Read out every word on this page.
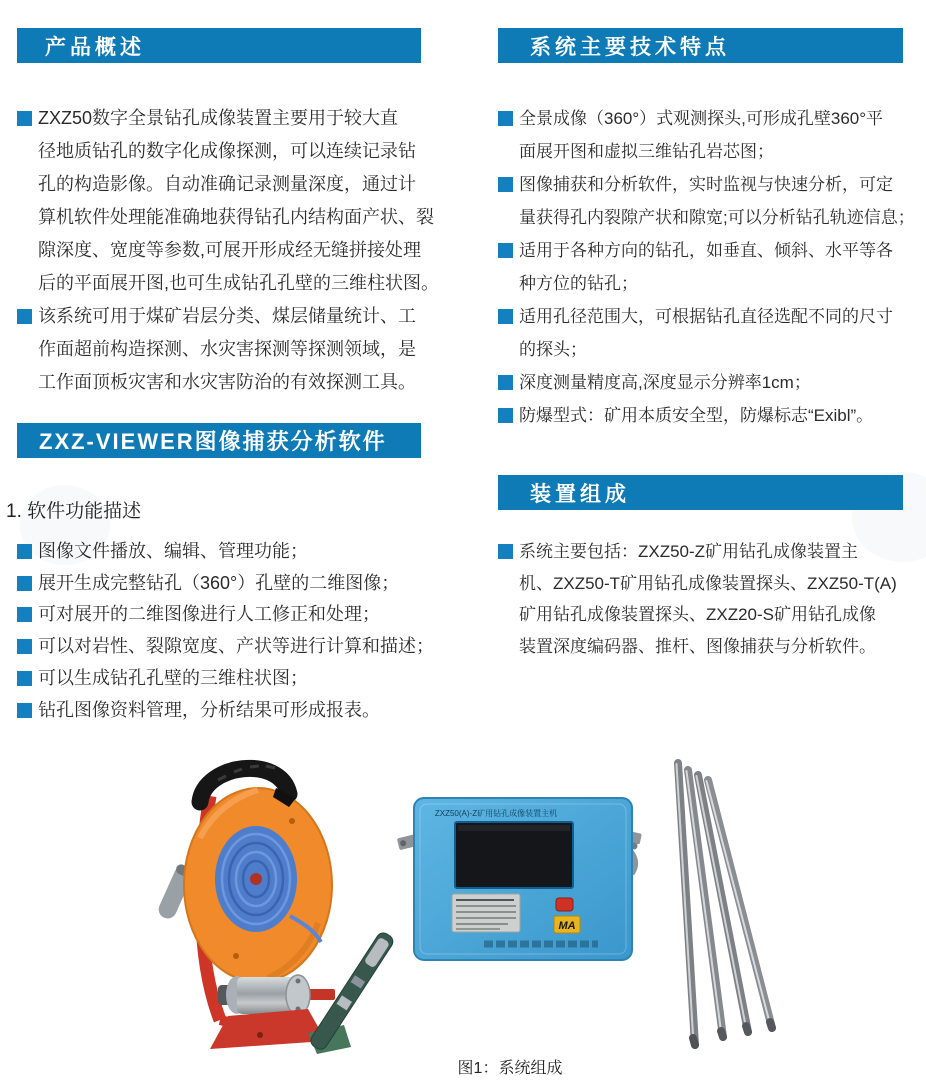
产品概述	系统主要技术特点
ZXZ-VIEWER图像捕获分析软件
装置组成
ZXZ50数字全景钻孔成像装置主要用于较大直
径地质钻孔的数字化成像探测，可以连续记录钻
孔的构造影像。自动准确记录测量深度，通过计
算机软件处理能准确地获得钻孔内结构面产状、裂
隙深度、宽度等参数,可展开形成经无缝拼接处理
后的平面展开图,也可生成钻孔孔壁的三维柱状图。
该系统可用于煤矿岩层分类、煤层储量统计、工
作面超前构造探测、水灾害探测等探测领域，是
工作面顶板灾害和水灾害防治的有效探测工具。
全景成像（360°）式观测探头,可形成孔壁360°平
面展开图和虚拟三维钻孔岩芯图；
图像捕获和分析软件，实时监视与快速分析，可定
量获得孔内裂隙产状和隙宽;可以分析钻孔轨迹信息；
适用于各种方向的钻孔，如垂直、倾斜、水平等各
种方位的钻孔；
适用孔径范围大，可根据钻孔直径选配不同的尺寸
的探头；
深度测量精度高,深度显示分辨率1cm；
防爆型式：矿用本质安全型，防爆标志“Exibl”。
1. 软件功能描述
图像文件播放、编辑、管理功能；
展开生成完整钻孔（360°）孔壁的二维图像；
可对展开的二维图像进行人工修正和处理；
可以对岩性、裂隙宽度、产状等进行计算和描述；
可以生成钻孔孔壁的三维柱状图；
钻孔图像资料管理，分析结果可形成报表。
系统主要包括：ZXZ50-Z矿用钻孔成像装置主
机、ZXZ50-T矿用钻孔成像装置探头、ZXZ50-T(A)
矿用钻孔成像装置探头、ZXZ20-S矿用钻孔成像
装置深度编码器、推杆、图像捕获与分析软件。
ZXZ50(A)-Z矿用钻孔成像装置主机
MA
图1：系统组成
